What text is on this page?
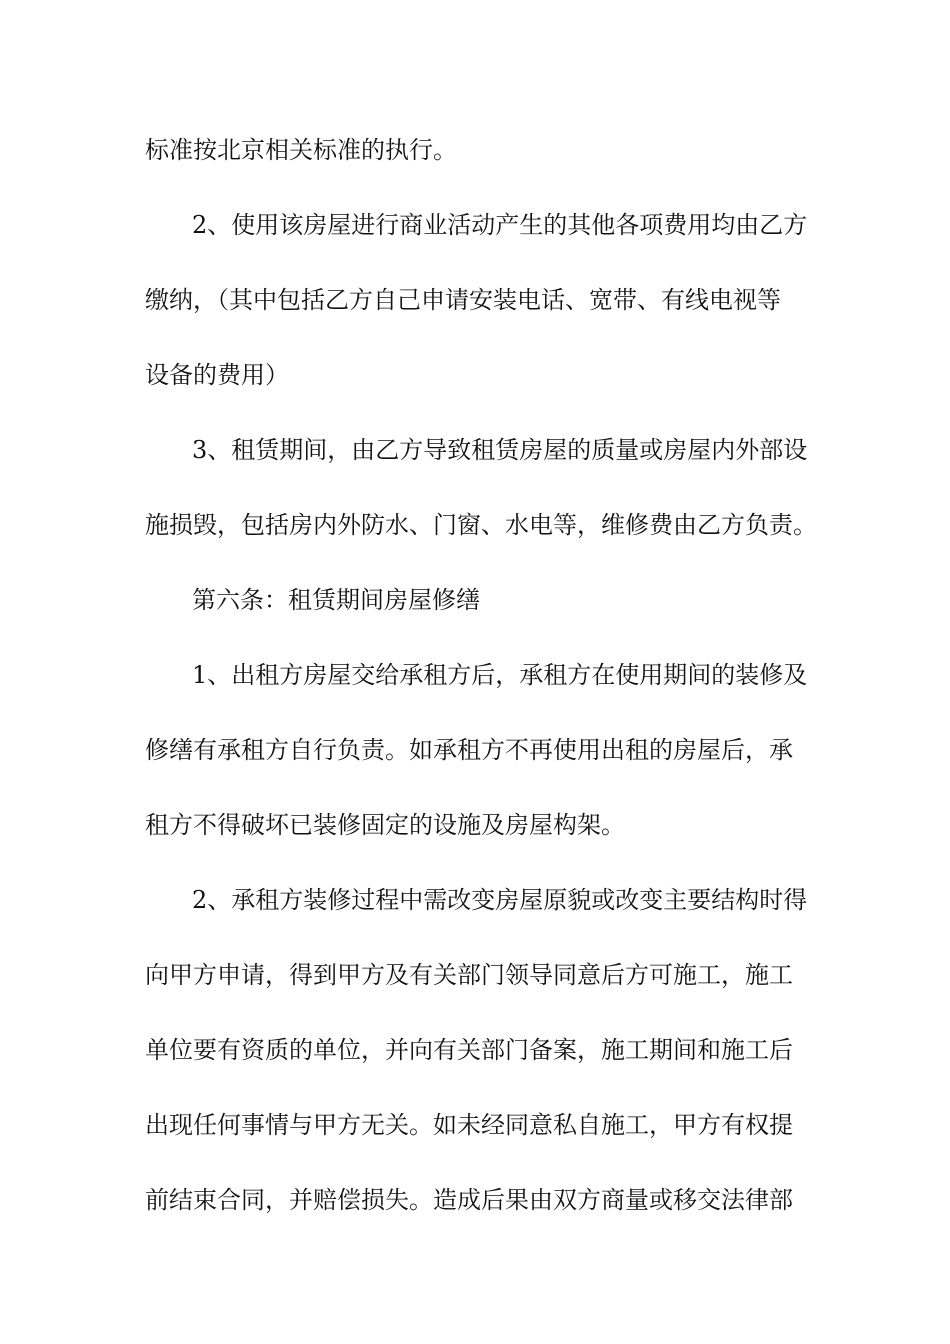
标准按北京相关标准的执行。
2、使用该房屋进行商业活动产生的其他各项费用均由乙方
缴纳，（其中包括乙方自己申请安装电话、宽带、有线电视等
设备的费用）
3、租赁期间，由乙方导致租赁房屋的质量或房屋内外部设
施损毁，包括房内外防水、门窗、水电等，维修费由乙方负责。
第六条：租赁期间房屋修缮
1、出租方房屋交给承租方后，承租方在使用期间的装修及
修缮有承租方自行负责。如承租方不再使用出租的房屋后，承
租方不得破坏已装修固定的设施及房屋构架。
2、承租方装修过程中需改变房屋原貌或改变主要结构时得
向甲方申请，得到甲方及有关部门领导同意后方可施工，施工
单位要有资质的单位，并向有关部门备案，施工期间和施工后
出现任何事情与甲方无关。如未经同意私自施工，甲方有权提
前结束合同，并赔偿损失。造成后果由双方商量或移交法律部
